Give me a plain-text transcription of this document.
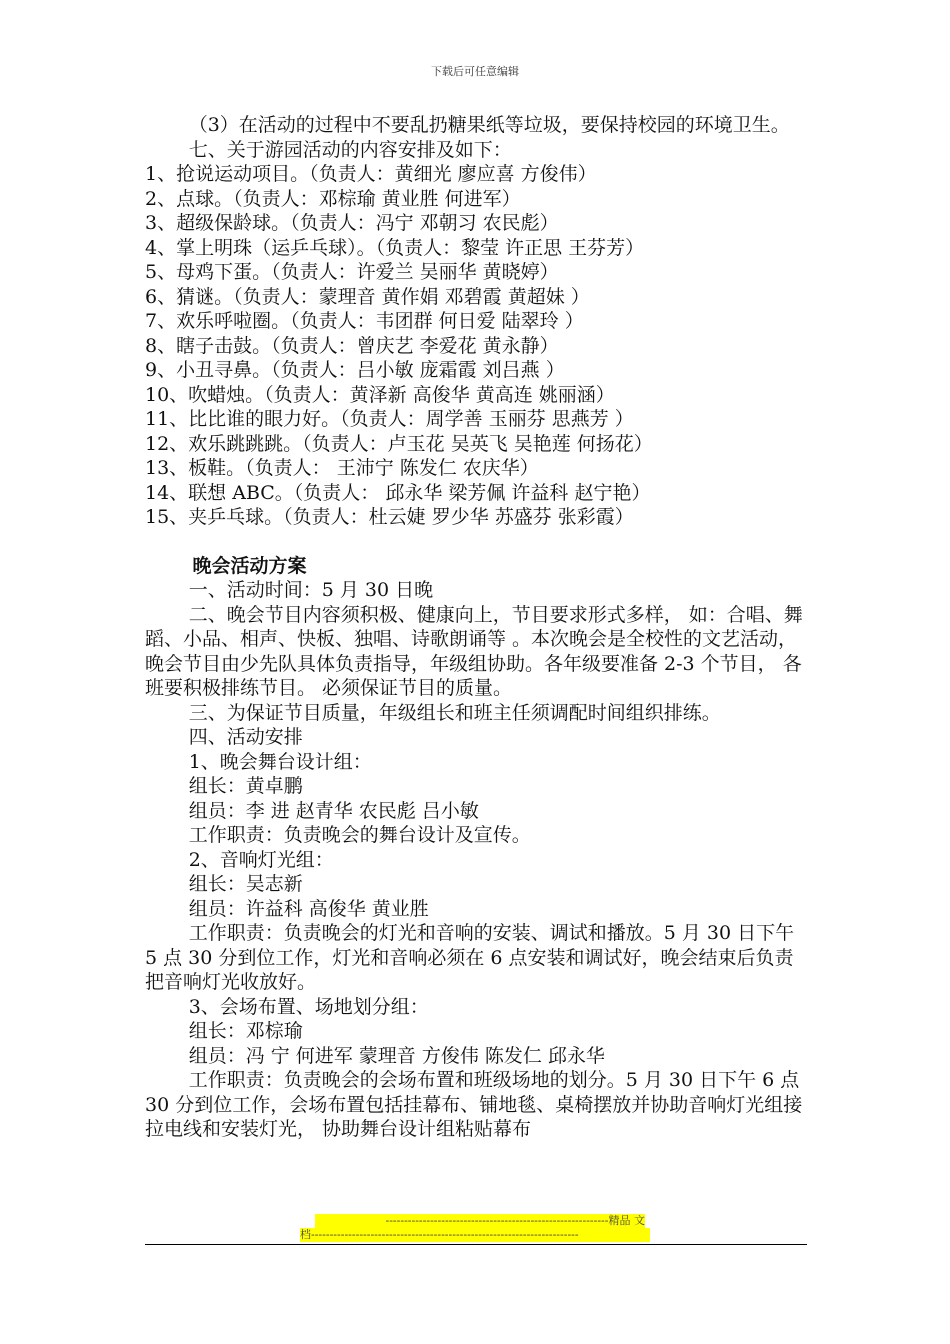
下载后可任意编辑

（3）在活动的过程中不要乱扔糖果纸等垃圾，要保持校园的环境卫生。

七、关于游园活动的内容安排及如下：

1、抢说运动项目。（负责人：黄细光 廖应喜 方俊伟）

2、点球。（负责人：邓棕瑜 黄业胜 何进军）

3、超级保龄球。（负责人：冯宁 邓朝习 农民彪）

4、掌上明珠（运乒乓球）。（负责人：黎莹 许正思 王芬芳）

5、母鸡下蛋。（负责人：许爱兰 吴丽华 黄晓婷）

6、猜谜。（负责人：蒙理音 黄作娟 邓碧霞 黄超妹 ）

7、欢乐呼啦圈。（负责人：韦团群 何日爱 陆翠玲 ）

8、瞎子击鼓。（负责人：曾庆艺 李爱花 黄永静）

9、小丑寻鼻。（负责人：吕小敏 庞霜霞 刘吕燕 ）

10、吹蜡烛。（负责人：黄泽新 高俊华 黄高连 姚丽涵）

11、比比谁的眼力好。（负责人：周学善 玉丽芬 思燕芳 ）

12、欢乐跳跳跳。（负责人：卢玉花 吴英飞 吴艳莲 何扬花）

13、板鞋。（负责人： 王沛宁 陈发仁 农庆华）

14、联想 ABC。（负责人： 邱永华 梁芳佩 许益科 赵宁艳）

15、夹乒乓球。（负责人：杜云婕 罗少华 苏盛芬 张彩霞）

晚会活动方案

一、活动时间：5 月 30 日晚

二、晚会节目内容须积极、健康向上，节目要求形式多样， 如：合唱、舞蹈、小品、相声、快板、独唱、诗歌朗诵等 。本次晚会是全校性的文艺活动，晚会节目由少先队具体负责指导，年级组协助。各年级要准备 2-3 个节目， 各班要积极排练节目。 必须保证节目的质量。

三、为保证节目质量，年级组长和班主任须调配时间组织排练。

四、活动安排

1、晚会舞台设计组：

组长：黄卓鹏

组员：李 进 赵青华 农民彪 吕小敏

工作职责：负责晚会的舞台设计及宣传。

2、音响灯光组：

组长：吴志新

组员：许益科 高俊华 黄业胜

工作职责：负责晚会的灯光和音响的安装、调试和播放。5 月 30 日下午 5 点 30 分到位工作，灯光和音响必须在 6 点安装和调试好，晚会结束后负责把音响灯光收放好。

3、会场布置、场地划分组：

组长：邓棕瑜

组员：冯 宁 何进军 蒙理音 方俊伟 陈发仁 邱永华

工作职责：负责晚会的会场布置和班级场地的划分。5 月 30 日下午 6 点 30 分到位工作，会场布置包括挂幕布、铺地毯、桌椅摆放并协助音响灯光组接拉电线和安装灯光， 协助舞台设计组粘贴幕布

------------------------------------------------------------精品 文
档------------------------------------------------------------------------
